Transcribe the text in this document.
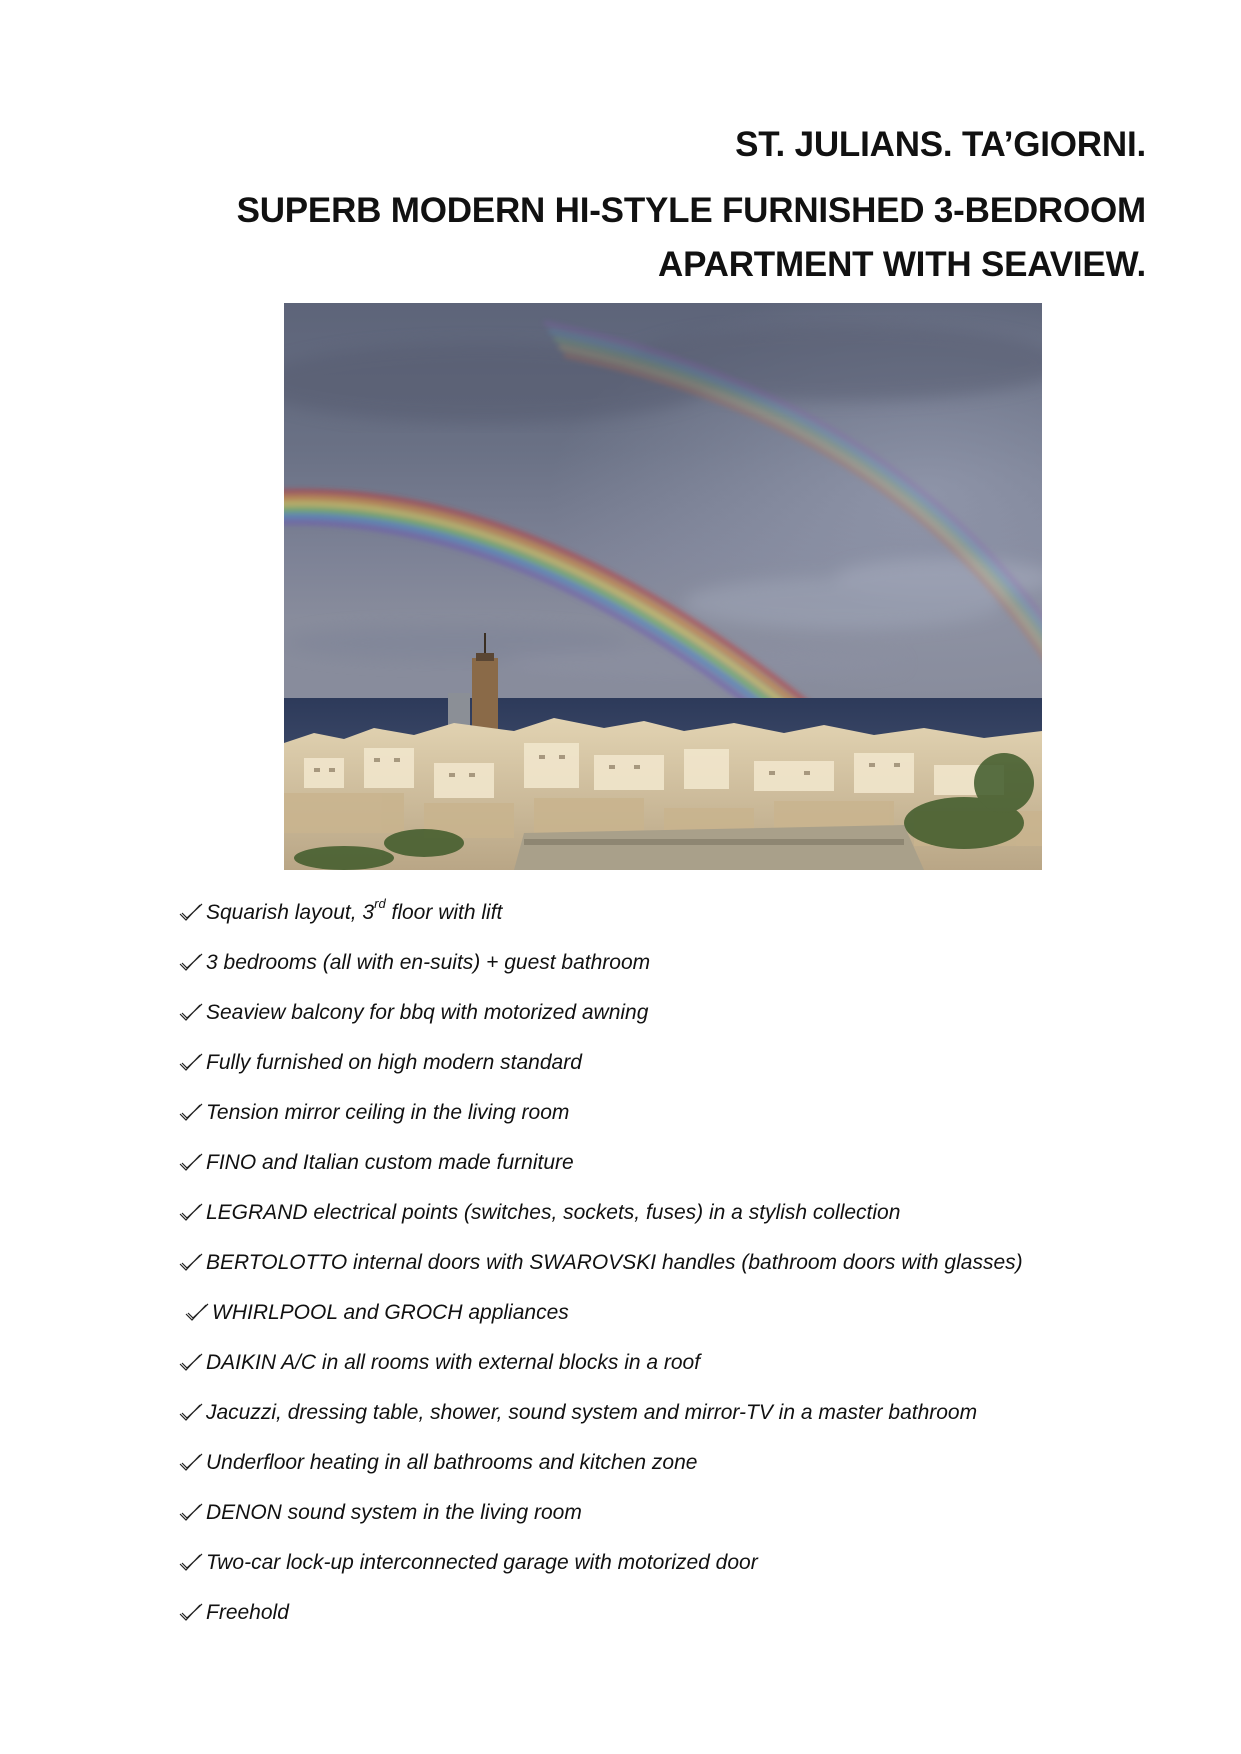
ST. JULIANS. TA’GIORNI.
SUPERB MODERN HI-STYLE FURNISHED 3-BEDROOM APARTMENT WITH SEAVIEW.
Squarish layout, 3rd floor with lift
3 bedrooms (all with en-suits) + guest bathroom
Seaview balcony for bbq with motorized awning
Fully furnished on high modern standard
Tension mirror ceiling in the living room
FINO and Italian custom made furniture
LEGRAND electrical points (switches, sockets, fuses) in a stylish collection
BERTOLOTTO internal doors with SWAROVSKI handles (bathroom doors with glasses)
WHIRLPOOL and GROCH appliances
DAIKIN A/C in all rooms with external blocks in a roof
Jacuzzi, dressing table, shower, sound system and mirror-TV in a master bathroom
Underfloor heating in all bathrooms and kitchen zone
DENON sound system in the living room
Two-car lock-up interconnected garage with motorized door
Freehold
